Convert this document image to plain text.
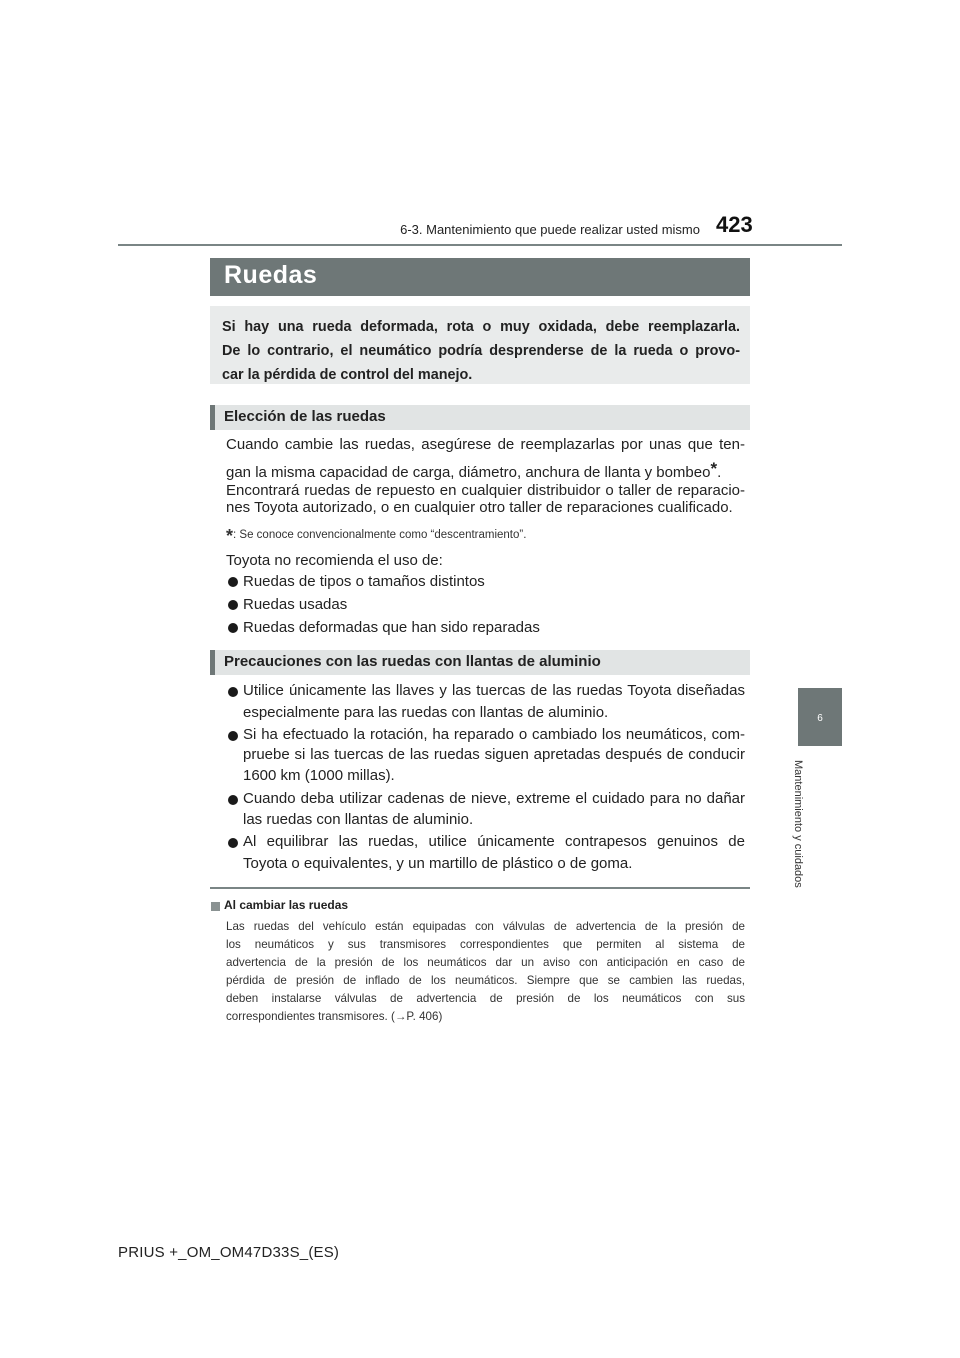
6-3. Mantenimiento que puede realizar usted mismo 423
Ruedas
Si hay una rueda deformada, rota o muy oxidada, debe reemplazarla.
De lo contrario, el neumático podría desprenderse de la rueda o provo-
car la pérdida de control del manejo.
Elección de las ruedas
Cuando cambie las ruedas, asegúrese de reemplazarlas por unas que ten-
gan la misma capacidad de carga, diámetro, anchura de llanta y bombeo*.
Encontrará ruedas de repuesto en cualquier distribuidor o taller de reparacio-
nes Toyota autorizado, o en cualquier otro taller de reparaciones cualificado.
*: Se conoce convencionalmente como “descentramiento”.
Toyota no recomienda el uso de:
Ruedas de tipos o tamaños distintos
Ruedas usadas
Ruedas deformadas que han sido reparadas
Precauciones con las ruedas con llantas de aluminio
Utilice únicamente las llaves y las tuercas de las ruedas Toyota diseñadas
especialmente para las ruedas con llantas de aluminio.
Si ha efectuado la rotación, ha reparado o cambiado los neumáticos, com-
pruebe si las tuercas de las ruedas siguen apretadas después de conducir
1600 km (1000 millas).
Cuando deba utilizar cadenas de nieve, extreme el cuidado para no dañar
las ruedas con llantas de aluminio.
Al equilibrar las ruedas, utilice únicamente contrapesos genuinos de
Toyota o equivalentes, y un martillo de plástico o de goma.
Al cambiar las ruedas
Las ruedas del vehículo están equipadas con válvulas de advertencia de la presión de
los neumáticos y sus transmisores correspondientes que permiten al sistema de
advertencia de la presión de los neumáticos dar un aviso con anticipación en caso de
pérdida de presión de inflado de los neumáticos. Siempre que se cambien las ruedas,
deben instalarse válvulas de advertencia de presión de los neumáticos con sus
correspondientes transmisores. (→P. 406)
6
Mantenimiento y cuidados
PRIUS +_OM_OM47D33S_(ES)
